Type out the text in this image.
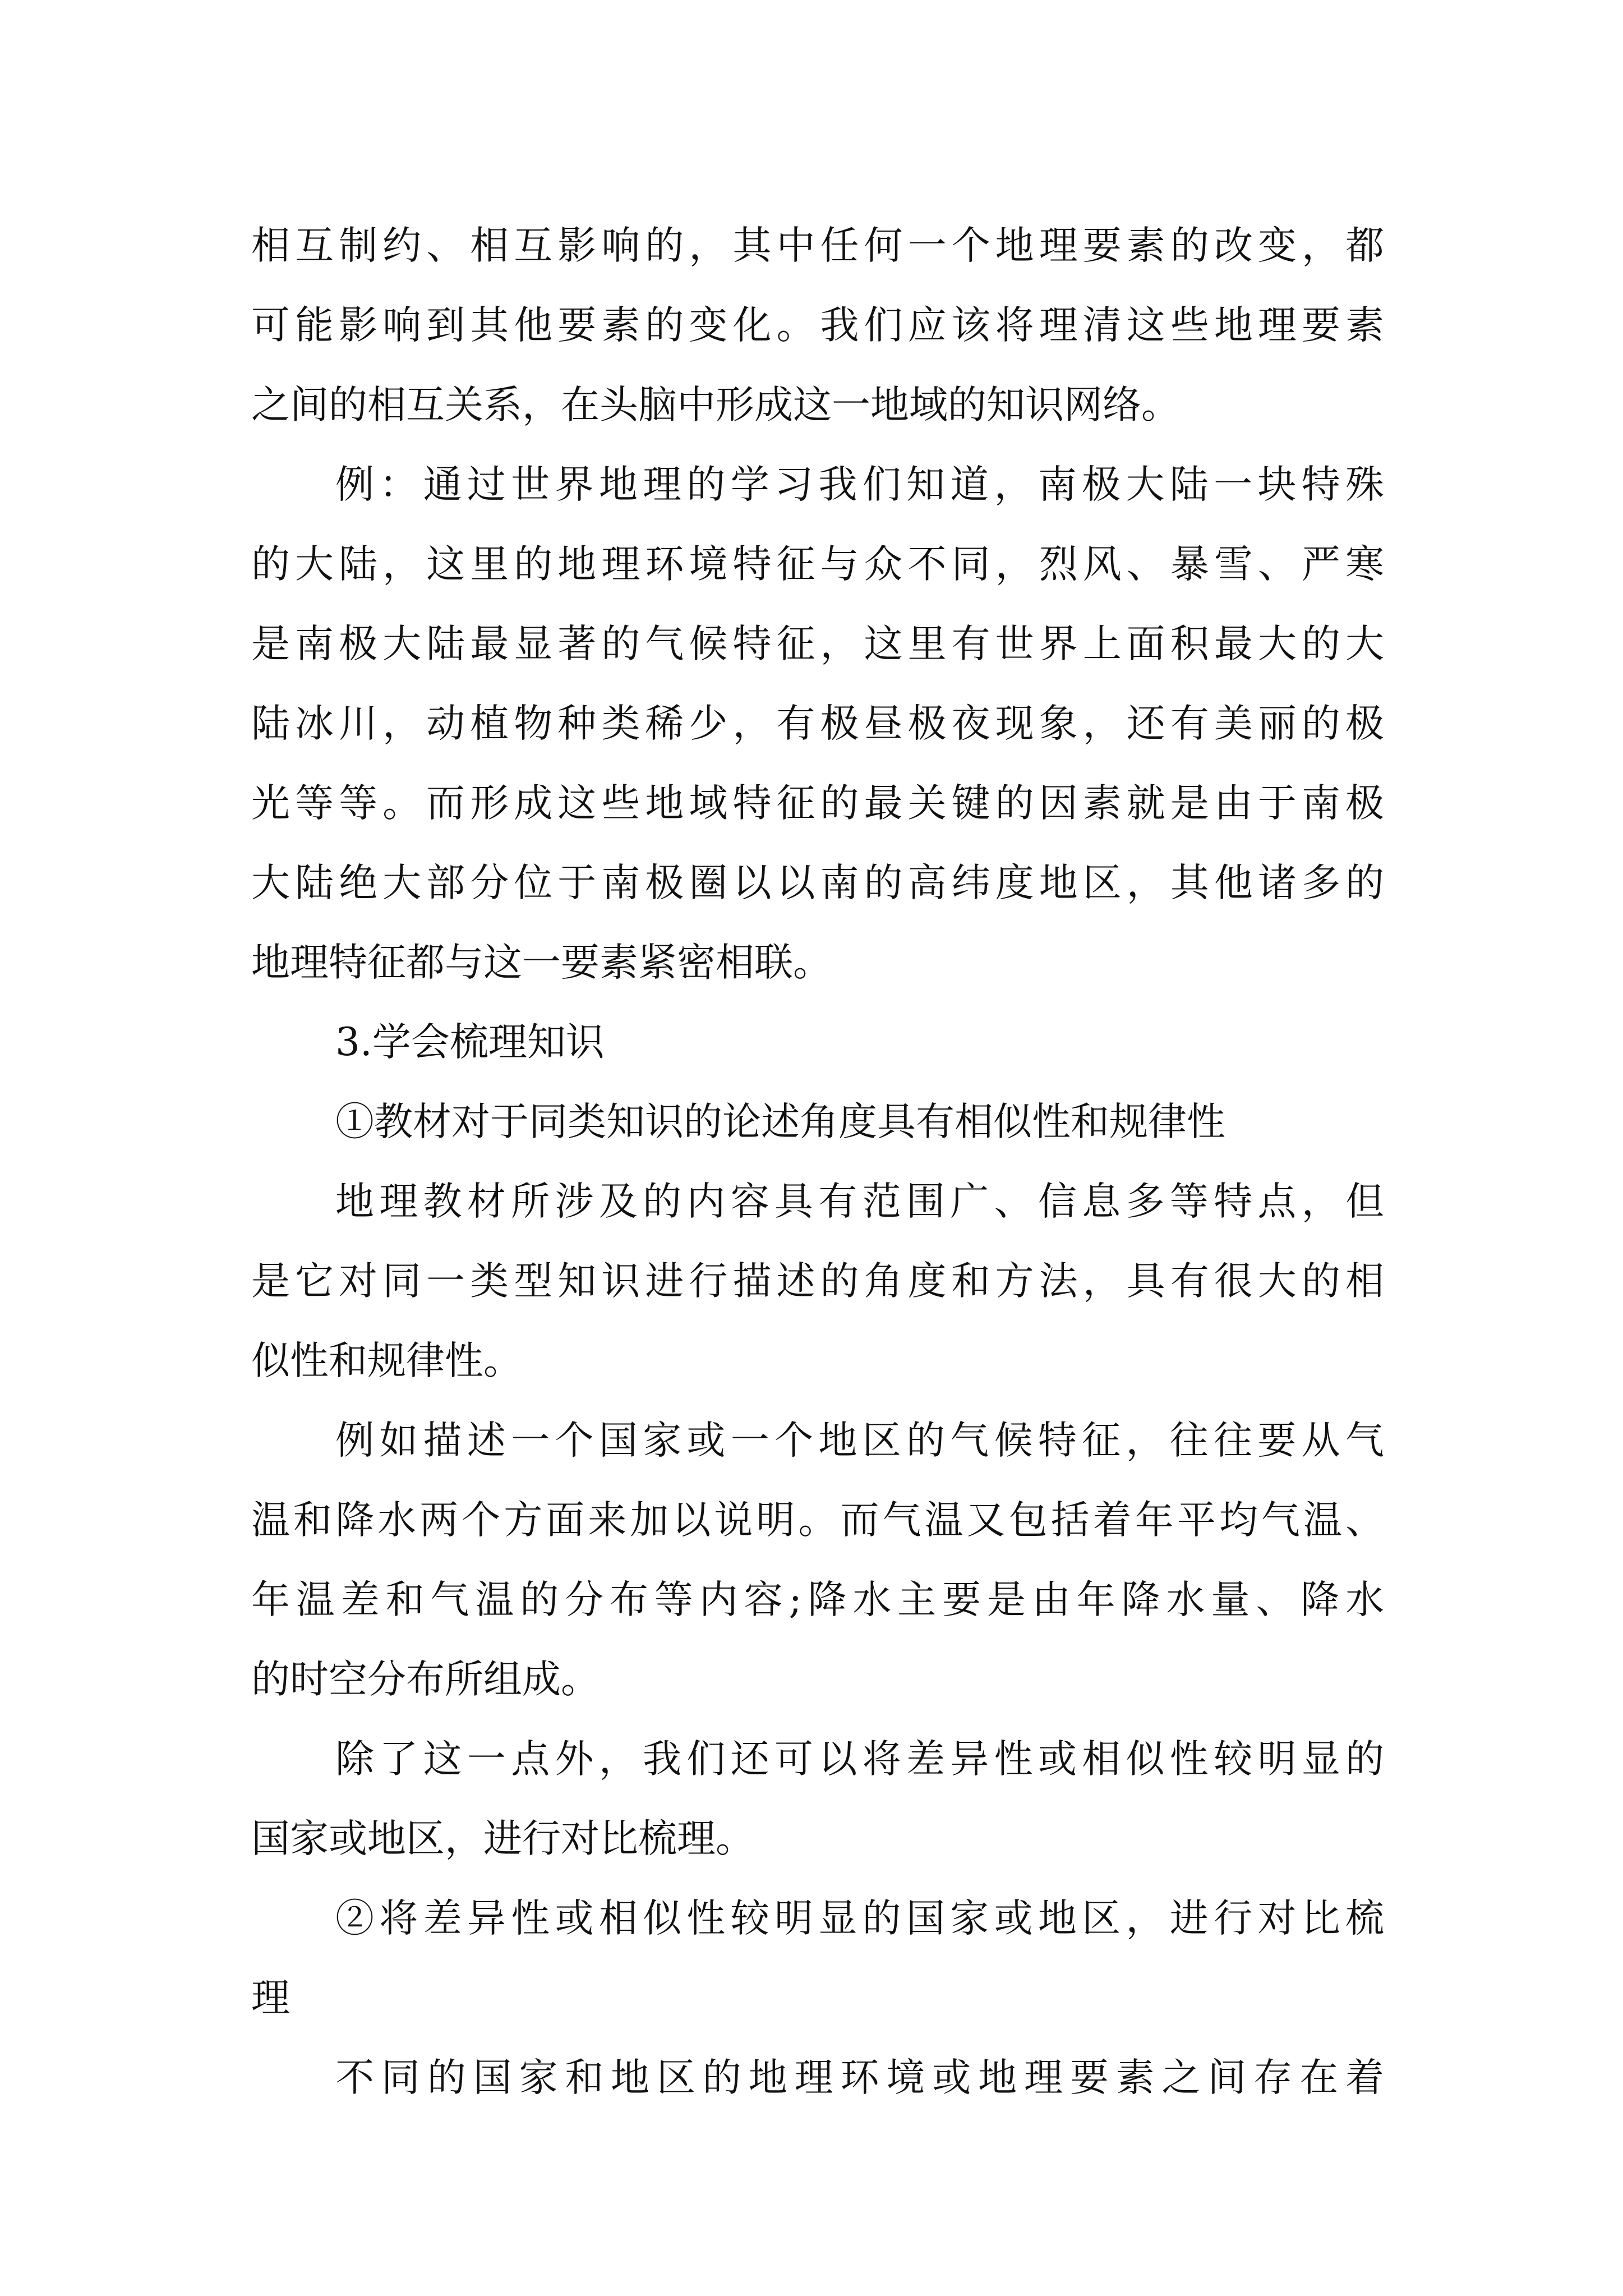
相互制约、相互影响的，其中任何一个地理要素的改变，都
可能影响到其他要素的变化。我们应该将理清这些地理要素
之间的相互关系，在头脑中形成这一地域的知识网络。
例：通过世界地理的学习我们知道，南极大陆一块特殊
的大陆，这里的地理环境特征与众不同，烈风、暴雪、严寒
是南极大陆最显著的气候特征，这里有世界上面积最大的大
陆冰川，动植物种类稀少，有极昼极夜现象，还有美丽的极
光等等。而形成这些地域特征的最关键的因素就是由于南极
大陆绝大部分位于南极圈以以南的高纬度地区，其他诸多的
地理特征都与这一要素紧密相联。
3.学会梳理知识
①教材对于同类知识的论述角度具有相似性和规律性
地理教材所涉及的内容具有范围广、信息多等特点，但
是它对同一类型知识进行描述的角度和方法，具有很大的相
似性和规律性。
例如描述一个国家或一个地区的气候特征，往往要从气
温和降水两个方面来加以说明。而气温又包括着年平均气温、
年温差和气温的分布等内容;降水主要是由年降水量、降水
的时空分布所组成。
除了这一点外，我们还可以将差异性或相似性较明显的
国家或地区，进行对比梳理。
②将差异性或相似性较明显的国家或地区，进行对比梳
理
不同的国家和地区的地理环境或地理要素之间存在着
